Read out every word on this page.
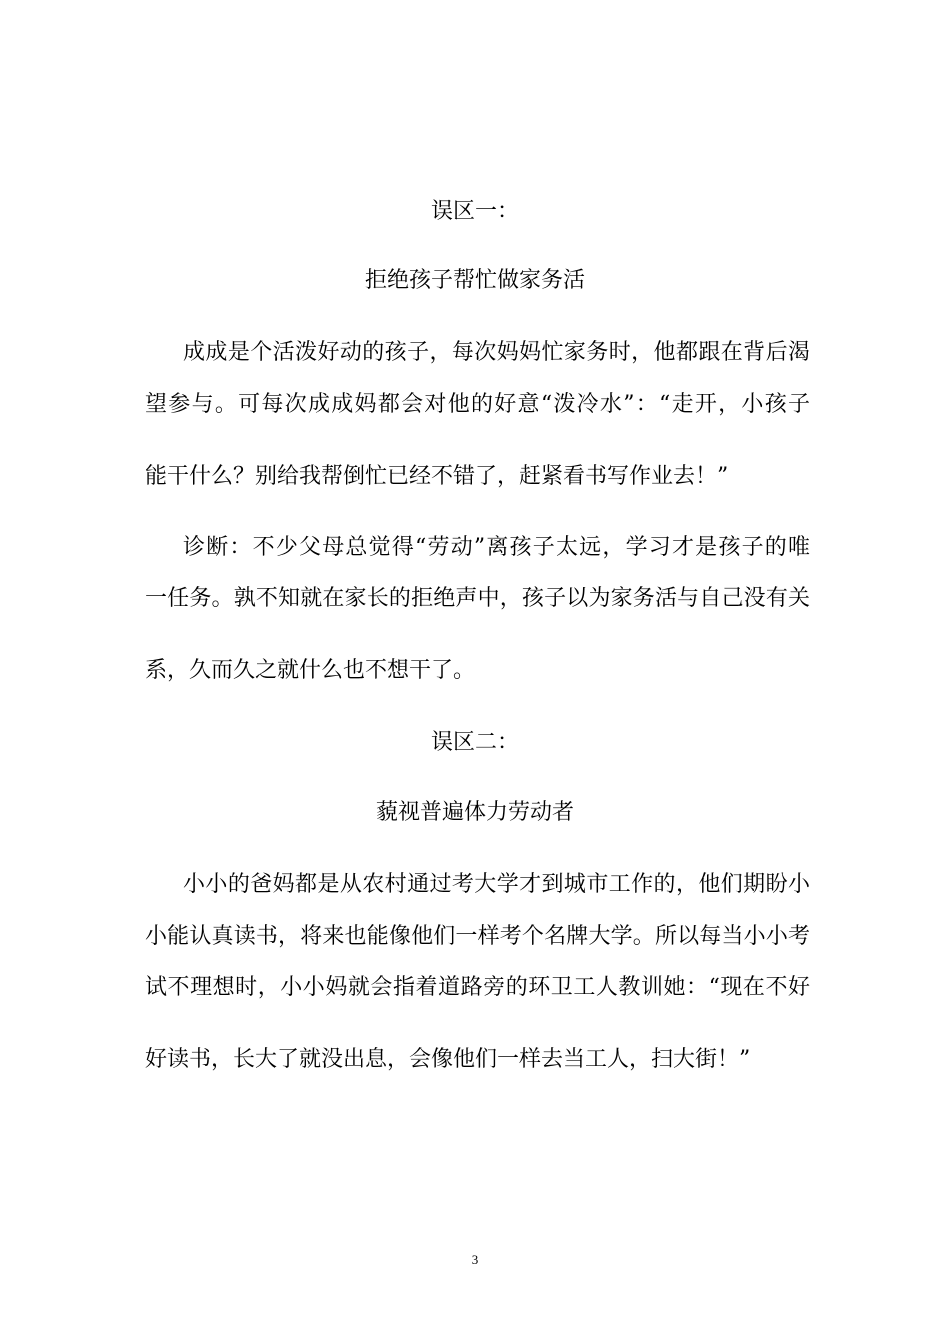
误区一：
拒绝孩子帮忙做家务活
成成是个活泼好动的孩子，每次妈妈忙家务时，他都跟在背后渴
望参与。可每次成成妈都会对他的好意“泼冷水”：“走开，小孩子
能干什么？别给我帮倒忙已经不错了，赶紧看书写作业去！”
诊断：不少父母总觉得“劳动”离孩子太远，学习才是孩子的唯
一任务。孰不知就在家长的拒绝声中，孩子以为家务活与自己没有关
系，久而久之就什么也不想干了。
误区二：
藐视普遍体力劳动者
小小的爸妈都是从农村通过考大学才到城市工作的，他们期盼小
小能认真读书，将来也能像他们一样考个名牌大学。所以每当小小考
试不理想时，小小妈就会指着道路旁的环卫工人教训她：“现在不好
好读书，长大了就没出息，会像他们一样去当工人，扫大街！”
3
